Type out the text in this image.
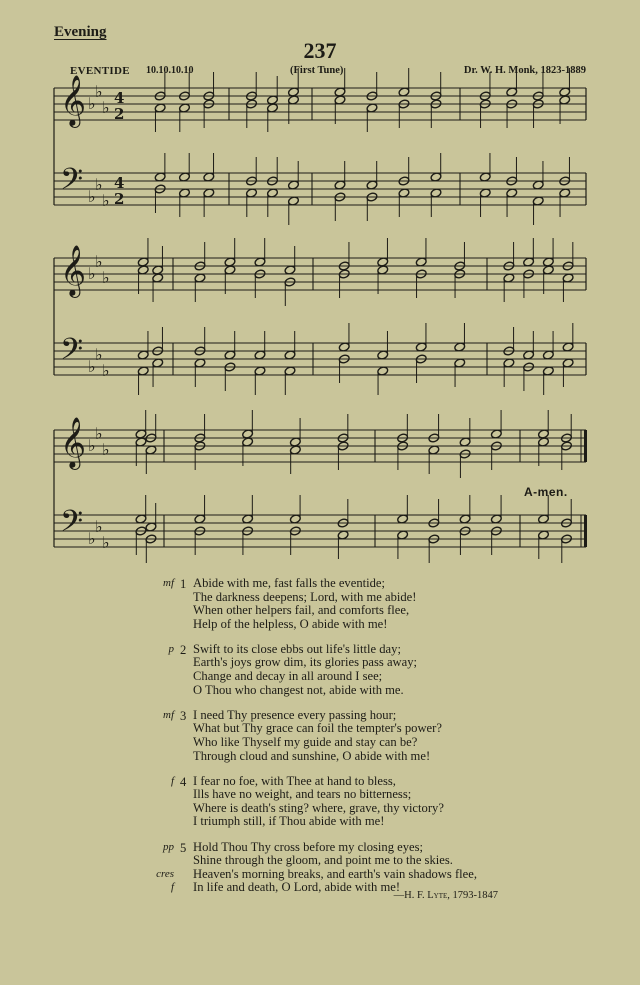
Evening
237
EVENTIDE 10.10.10.10	(First Tune)	Dr. W. H. Monk, 1823-1889
𝄞
𝄢
♭
♭
♭
♭
♭
♭
4
2
4
2
𝄞
𝄢
♭
♭
♭
♭
♭
♭
𝄞
𝄢
♭
♭
♭
♭
♭
♭
A-men.
mf 1 Abide with me, fast falls the eventide;
The darkness deepens; Lord, with me abide!
When other helpers fail, and comforts flee,
Help of the helpless, O abide with me!
p 2 Swift to its close ebbs out life's little day;
Earth's joys grow dim, its glories pass away;
Change and decay in all around I see;
O Thou who changest not, abide with me.
mf 3 I need Thy presence every passing hour;
What but Thy grace can foil the tempter's power?
Who like Thyself my guide and stay can be?
Through cloud and sunshine, O abide with me!
f 4 I fear no foe, with Thee at hand to bless,
Ills have no weight, and tears no bitterness;
Where is death's sting? where, grave, thy victory?
I triumph still, if Thou abide with me!
pp 5 Hold Thou Thy cross before my closing eyes;
Shine through the gloom, and point me to the skies.
Heaven's morning breaks, and earth's vain shadows flee,
cres
In life and death, O Lord, abide with me!
f
—H. F. Lyte, 1793-1847
